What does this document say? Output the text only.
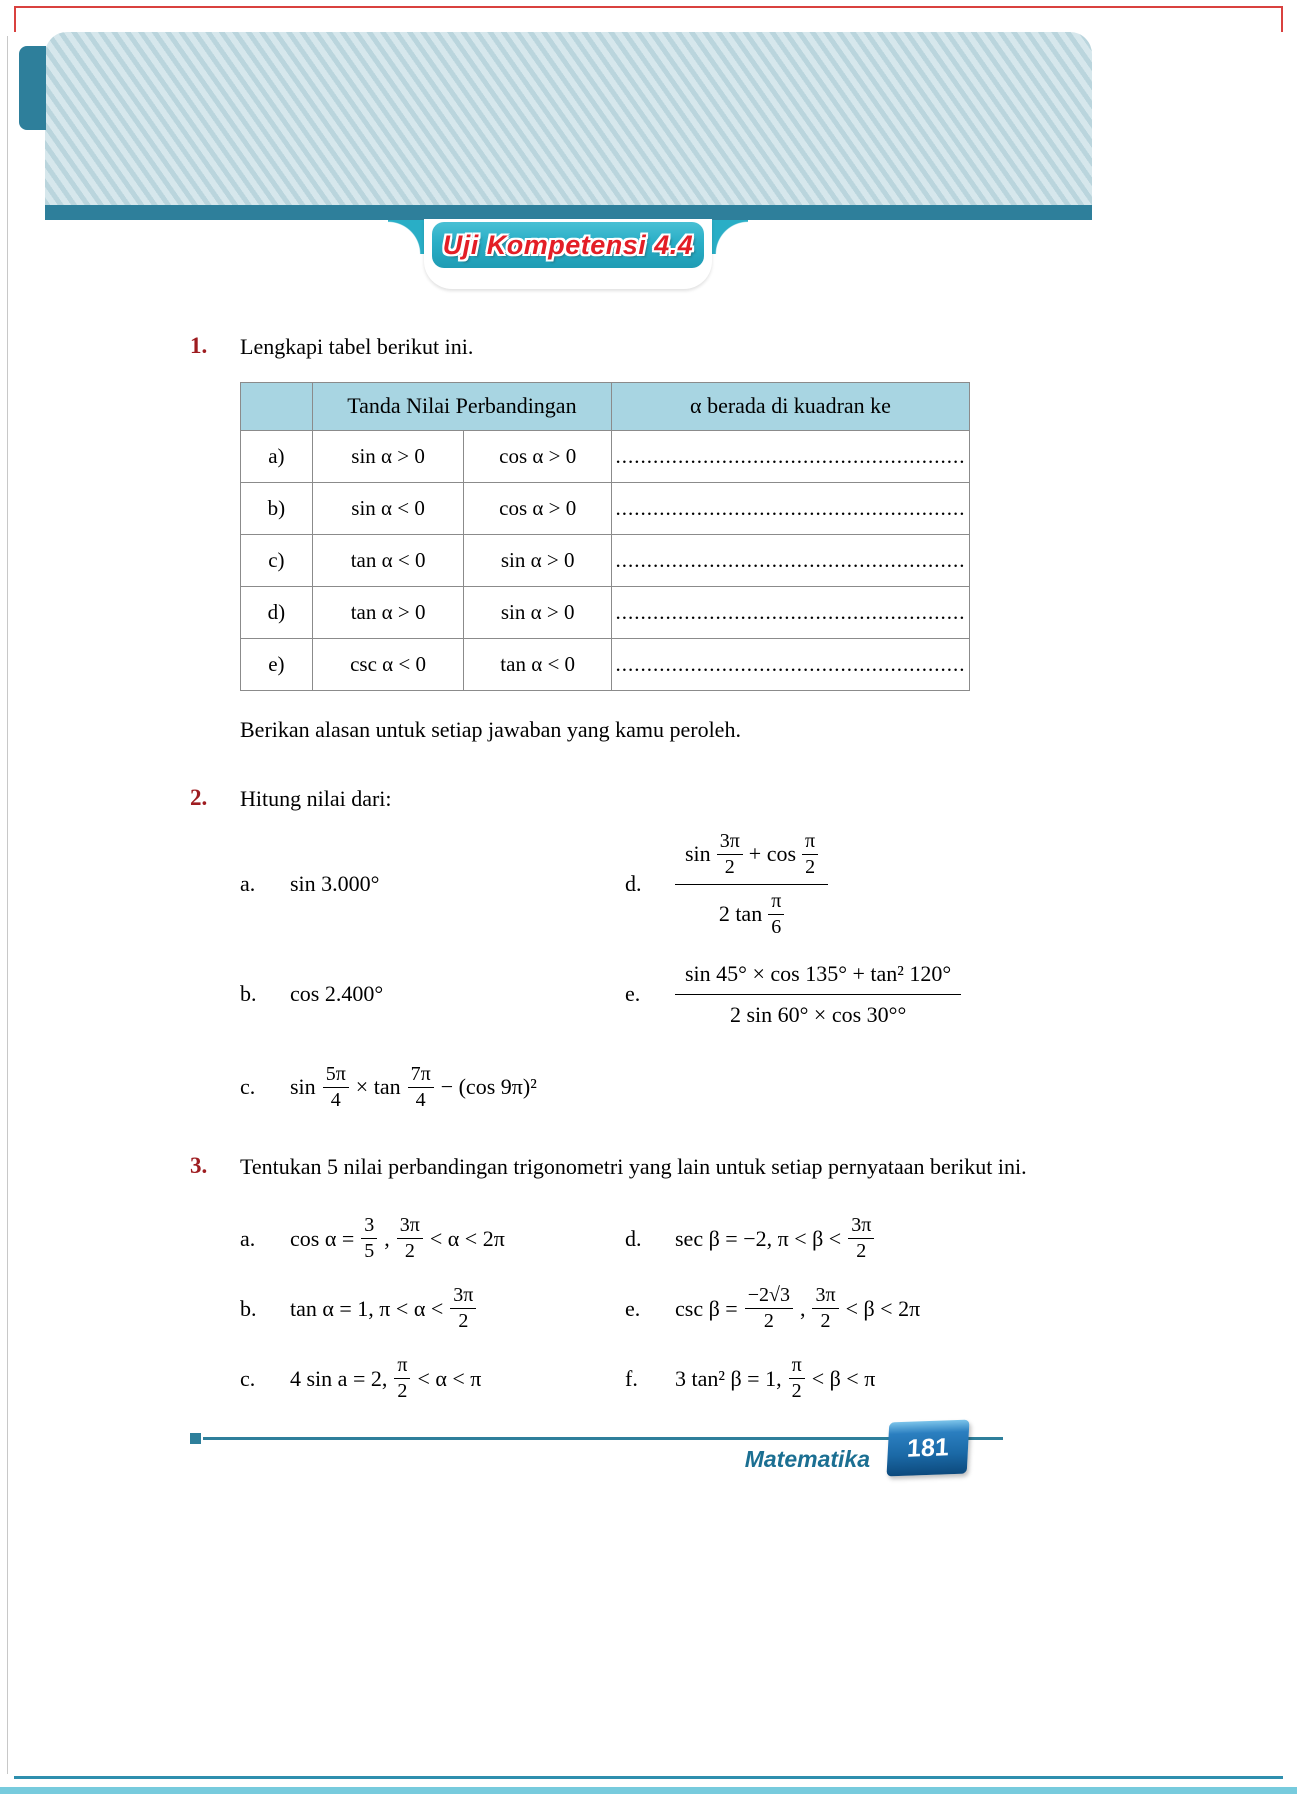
Uji Kompetensi 4.4
1.	Lengkapi tabel berikut ini.

	Tanda Nilai Perbandingan		α berada di kuadran ke
a)	sin α > 0	cos α > 0	........................................................
b)	sin α < 0	cos α > 0	........................................................
c)	tan α < 0	sin α > 0	........................................................
d)	tan α > 0	sin α > 0	........................................................
e)	csc α < 0	tan α < 0	........................................................

Berikan alasan untuk setiap jawaban yang kamu peroleh.

2.	Hitung nilai dari:

a.	sin 3.000°	d.
$\sin \frac{3\pi}{2} + \cos \frac{\pi}{2}$
2 $\tan \frac{\pi}{6}$
b.	cos 2.400°	e.	$\frac{\text{sin 45° × cos 135° + tan² 120°}}{2 \sin 60^\circ \times \cos 30^\circ^\circ}$
c.	$\sin \frac{5\pi}{4} \times \tan \frac{7\pi}{4} - (\cos$ 9π)²
3.	Tentukan 5 nilai perbandingan trigonometri yang lain untuk setiap pernyataan berikut ini.

a.	$\cos \alpha = \frac{3}{5}$ , $\frac{3\pi}{2} < \alpha < 2\pi$	d.	sec β = −2, $\pi < \beta < \frac{3\pi}{2}$
b.	tan α = 1, $\pi < \alpha < \frac{3\pi}{2}$	e.	$\csc \beta = \frac{-2√3}{2}$ , $\frac{3\pi}{2} < \beta < 2\pi$
c.	4 sin a = 2, $\frac{\pi}{2} < \alpha < \pi$	f.	3 tan² β = 1, $\frac{\pi}{2} < \beta < \pi$
Matematika 181
